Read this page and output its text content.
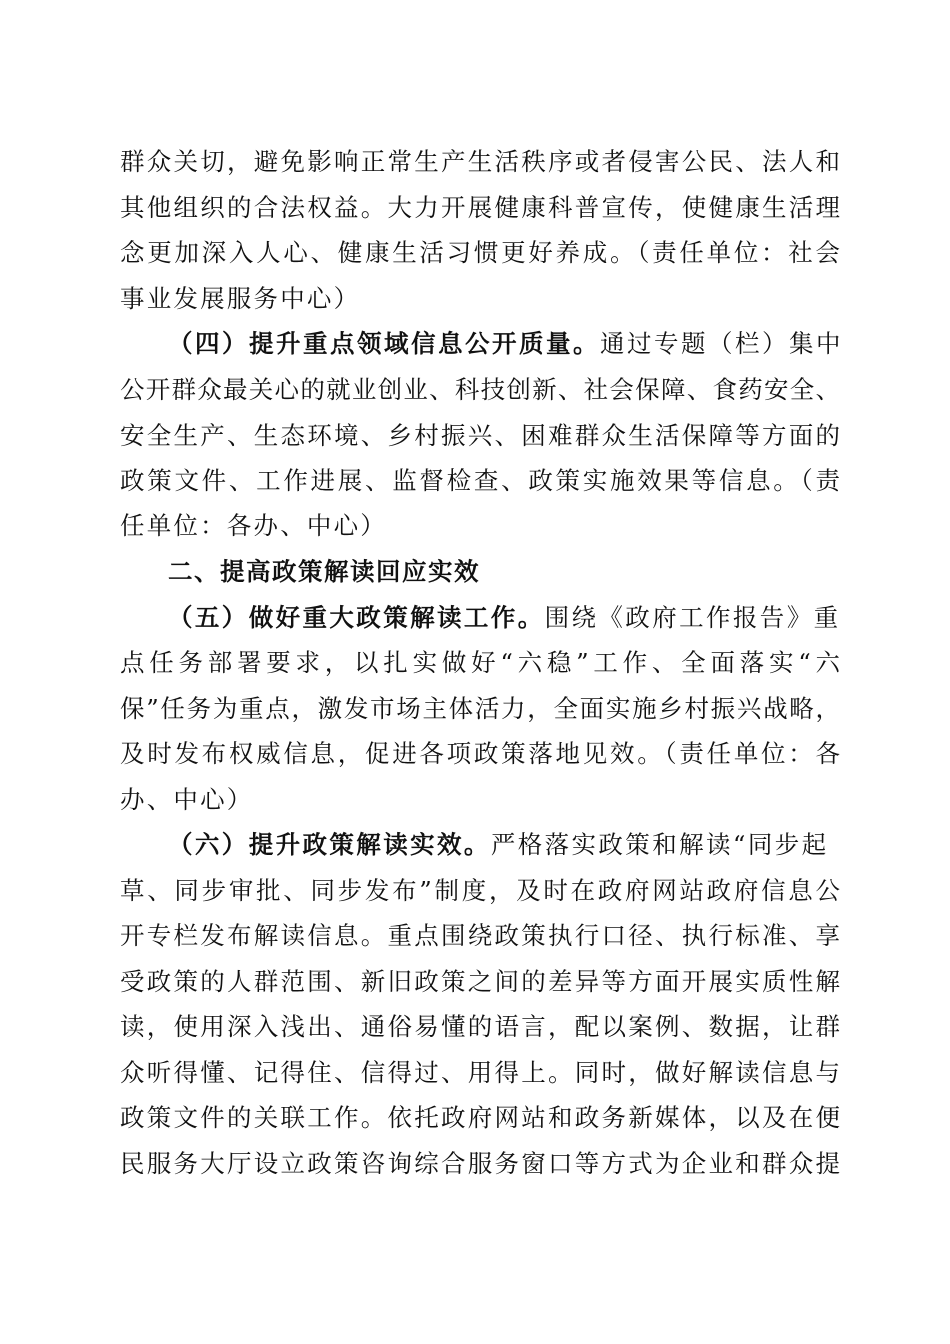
群众关切，避免影响正常生产生活秩序或者侵害公民、法人和
其他组织的合法权益。大力开展健康科普宣传，使健康生活理
念更加深入人心、健康生活习惯更好养成。（责任单位：社会
事业发展服务中心）
（四）提升重点领域信息公开质量。通过专题（栏）集中
公开群众最关心的就业创业、科技创新、社会保障、食药安全、
安全生产、生态环境、乡村振兴、困难群众生活保障等方面的
政策文件、工作进展、监督检查、政策实施效果等信息。（责
任单位：各办、中心）
二、提高政策解读回应实效
（五）做好重大政策解读工作。围绕《政府工作报告》重
点任务部署要求，以扎实做好“六稳”工作、全面落实“六
保”任务为重点，激发市场主体活力，全面实施乡村振兴战略，
及时发布权威信息，促进各项政策落地见效。（责任单位：各
办、中心）
（六）提升政策解读实效。严格落实政策和解读“同步起
草、同步审批、同步发布”制度，及时在政府网站政府信息公
开专栏发布解读信息。重点围绕政策执行口径、执行标准、享
受政策的人群范围、新旧政策之间的差异等方面开展实质性解
读，使用深入浅出、通俗易懂的语言，配以案例、数据，让群
众听得懂、记得住、信得过、用得上。同时，做好解读信息与
政策文件的关联工作。依托政府网站和政务新媒体，以及在便
民服务大厅设立政策咨询综合服务窗口等方式为企业和群众提
